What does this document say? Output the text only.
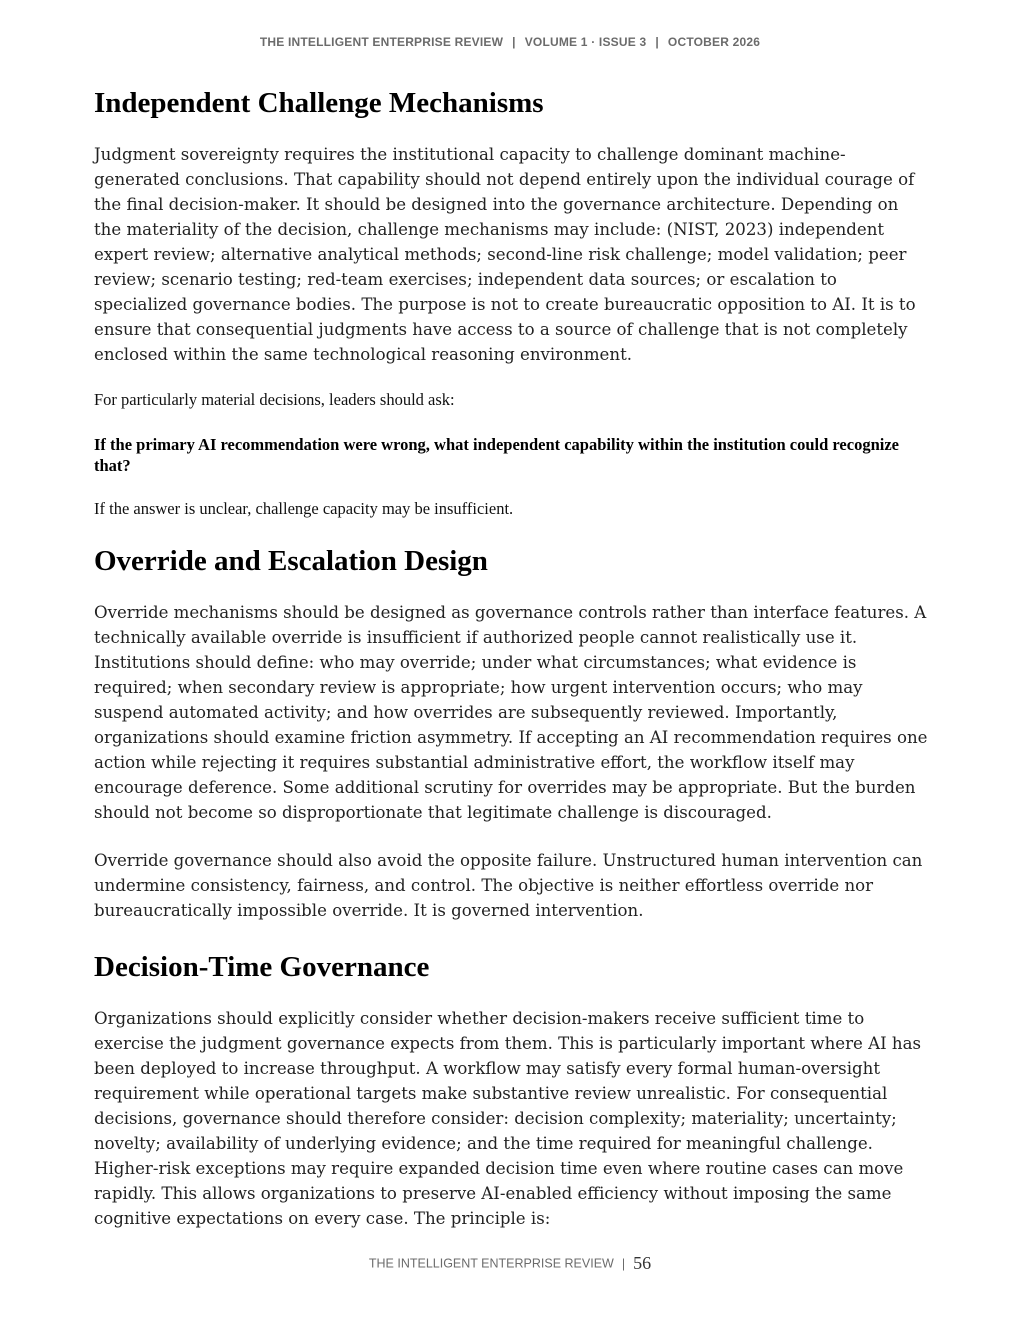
THE INTELLIGENT ENTERPRISE REVIEW | VOLUME 1 · ISSUE 3 | OCTOBER 2026
Independent Challenge Mechanisms

Judgment sovereignty requires the institutional capacity to challenge dominant machine-generated conclusions. That capability should not depend entirely upon the individual courage of the final decision-maker. It should be designed into the governance architecture. Depending on the materiality of the decision, challenge mechanisms may include: (NIST, 2023) independent expert review; alternative analytical methods; second-line risk challenge; model validation; peer review; scenario testing; red-team exercises; independent data sources; or escalation to specialized governance bodies. The purpose is not to create bureaucratic opposition to AI. It is to ensure that consequential judgments have access to a source of challenge that is not completely enclosed within the same technological reasoning environment.

For particularly material decisions, leaders should ask:

If the primary AI recommendation were wrong, what independent capability within the institution could recognize that?

If the answer is unclear, challenge capacity may be insufficient.

Override and Escalation Design

Override mechanisms should be designed as governance controls rather than interface features. A technically available override is insufficient if authorized people cannot realistically use it. Institutions should define: who may override; under what circumstances; what evidence is required; when secondary review is appropriate; how urgent intervention occurs; who may suspend automated activity; and how overrides are subsequently reviewed. Importantly, organizations should examine friction asymmetry. If accepting an AI recommendation requires one action while rejecting it requires substantial administrative effort, the workflow itself may encourage deference. Some additional scrutiny for overrides may be appropriate. But the burden should not become so disproportionate that legitimate challenge is discouraged.

Override governance should also avoid the opposite failure. Unstructured human intervention can undermine consistency, fairness, and control. The objective is neither effortless override nor bureaucratically impossible override. It is governed intervention.

Decision-Time Governance

Organizations should explicitly consider whether decision-makers receive sufficient time to exercise the judgment governance expects from them. This is particularly important where AI has been deployed to increase throughput. A workflow may satisfy every formal human-oversight requirement while operational targets make substantive review unrealistic. For consequential decisions, governance should therefore consider: decision complexity; materiality; uncertainty; novelty; availability of underlying evidence; and the time required for meaningful challenge. Higher-risk exceptions may require expanded decision time even where routine cases can move rapidly. This allows organizations to preserve AI-enabled efficiency without imposing the same cognitive expectations on every case. The principle is:

THE INTELLIGENT ENTERPRISE REVIEW | 56
